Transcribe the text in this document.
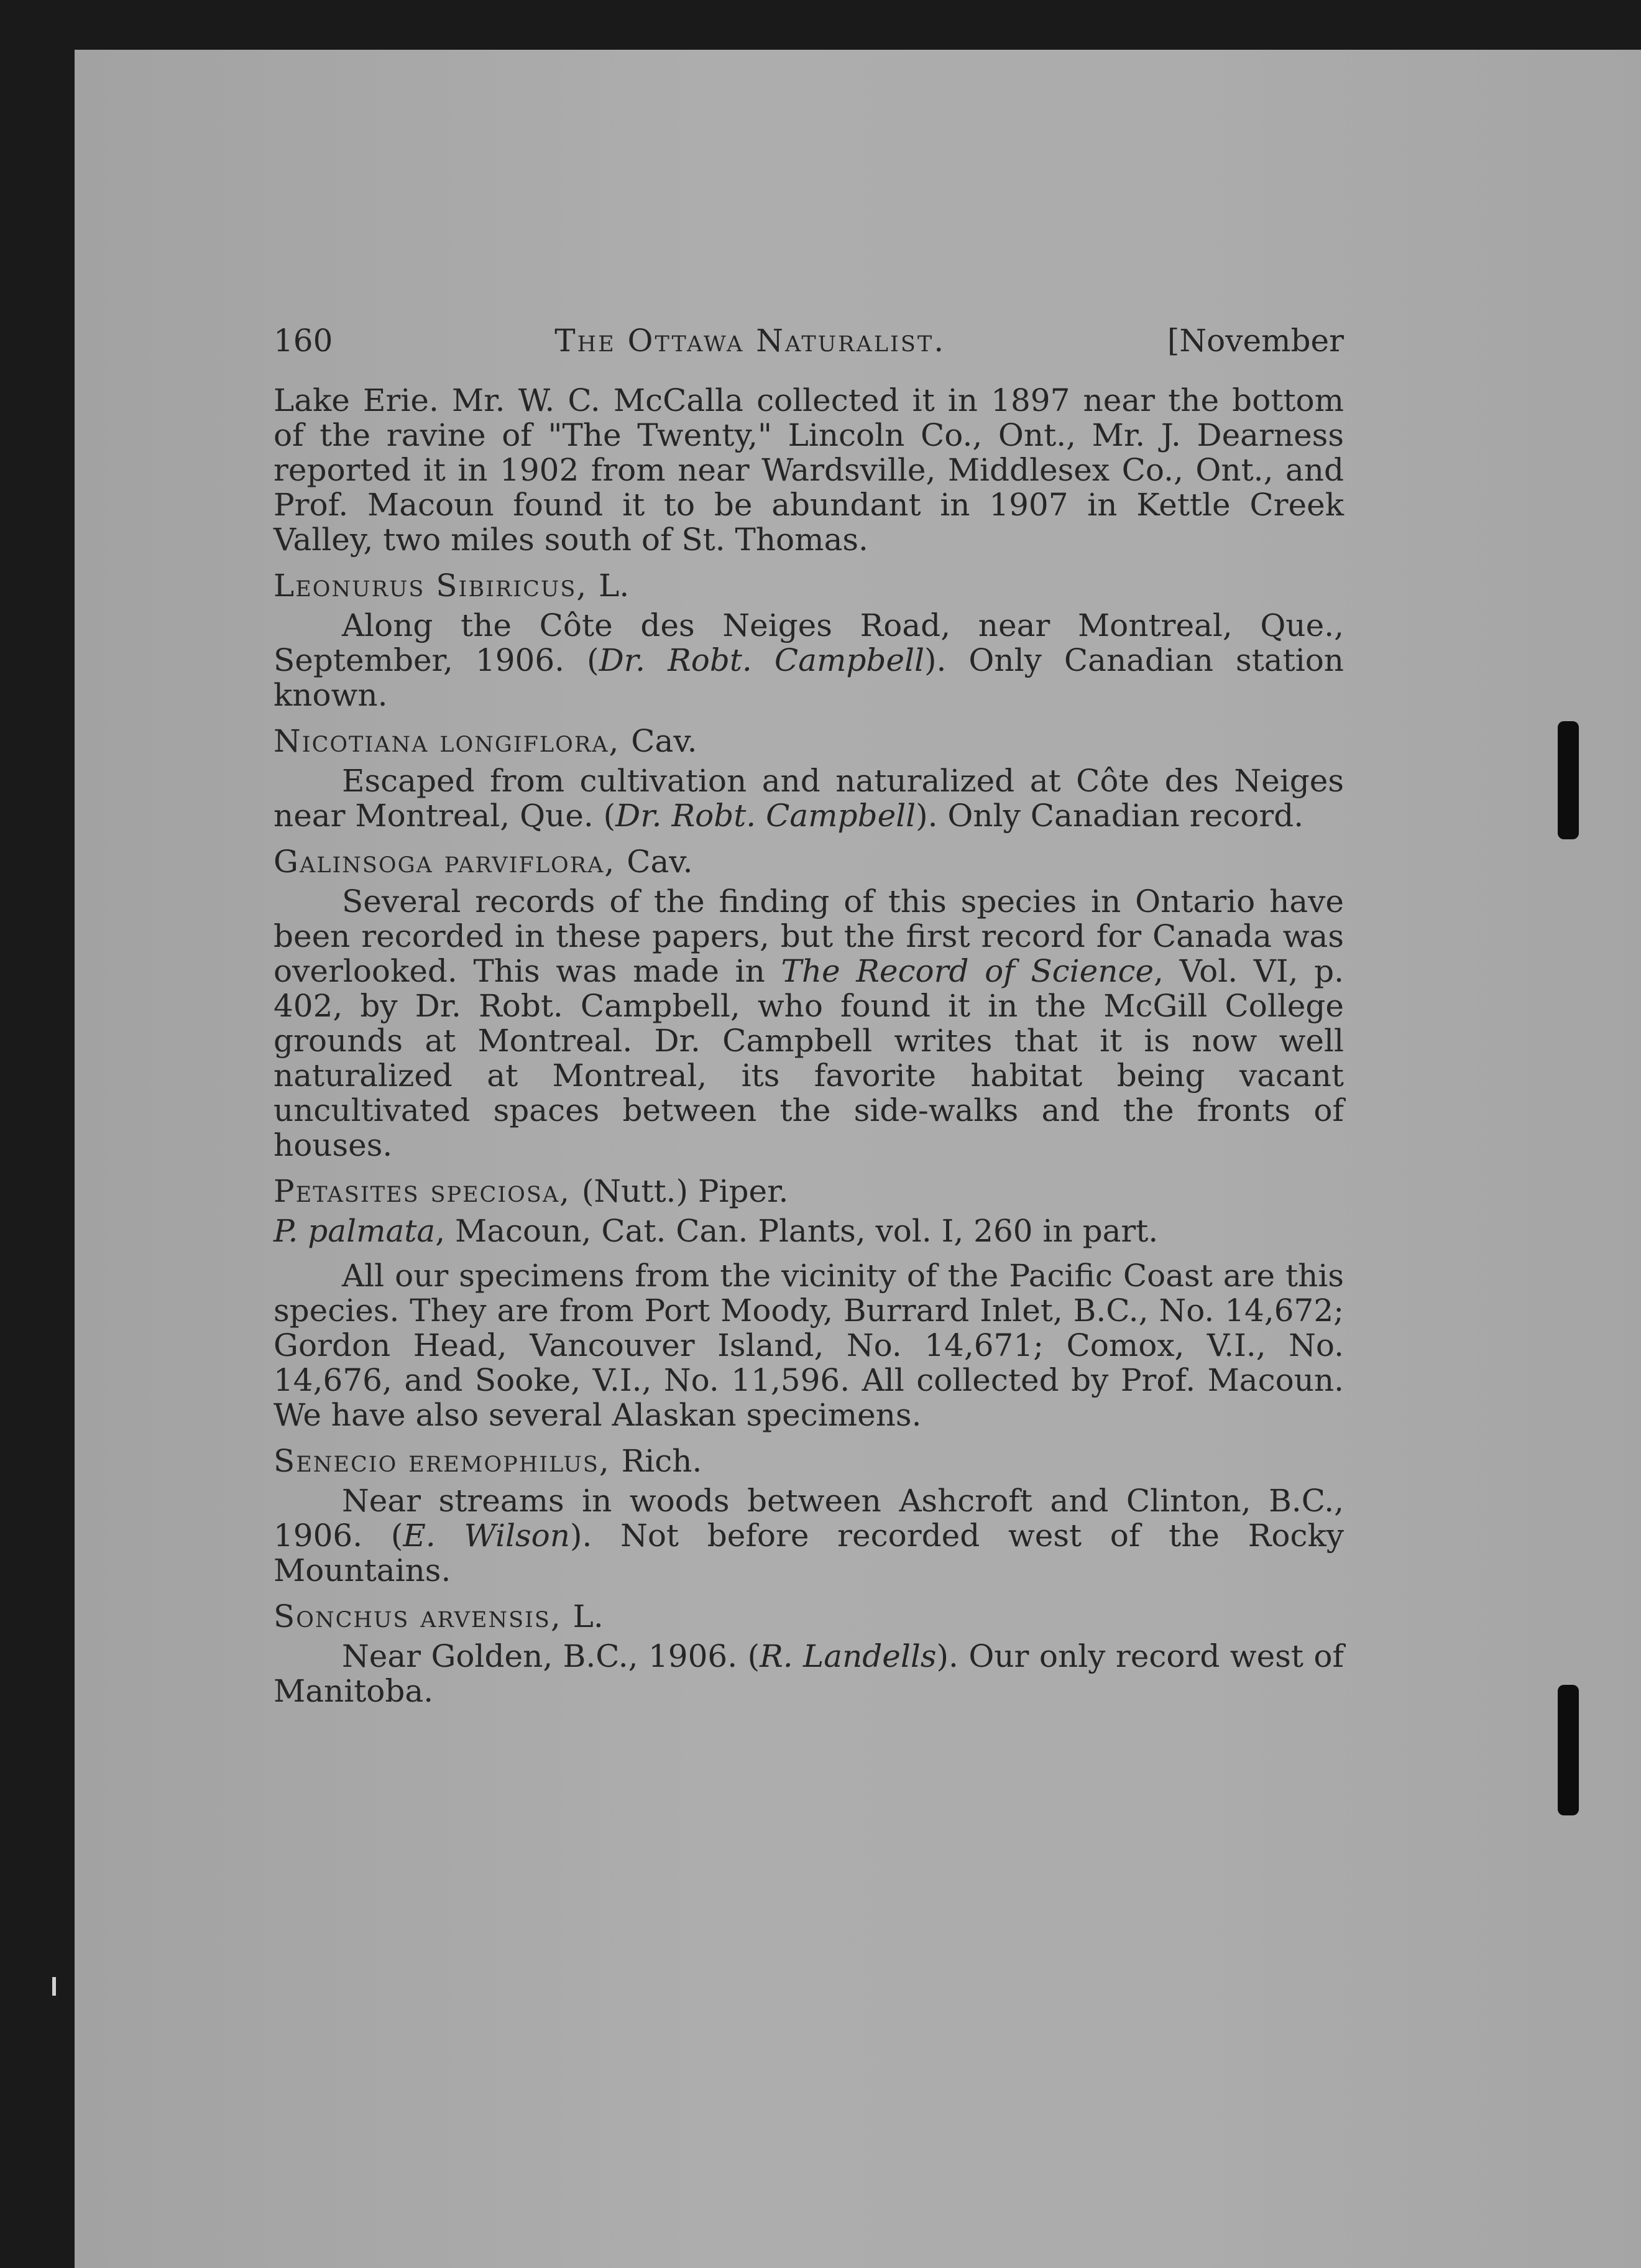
160	The Ottawa Naturalist.	[November

Lake Erie. Mr. W. C. McCalla collected it in 1897 near the bottom of the ravine of "The Twenty," Lincoln Co., Ont., Mr. J. Dearness reported it in 1902 from near Wardsville, Middlesex Co., Ont., and Prof. Macoun found it to be abundant in 1907 in Kettle Creek Valley, two miles south of St. Thomas.

Leonurus Sibiricus, L.

Along the Côte des Neiges Road, near Montreal, Que., September, 1906. (Dr. Robt. Campbell). Only Canadian station known.

Nicotiana longiflora, Cav.

Escaped from cultivation and naturalized at Côte des Neiges near Montreal, Que. (Dr. Robt. Campbell). Only Canadian record.

Galinsoga parviflora, Cav.

Several records of the finding of this species in Ontario have been recorded in these papers, but the first record for Canada was overlooked. This was made in The Record of Science, Vol. VI, p. 402, by Dr. Robt. Campbell, who found it in the McGill College grounds at Montreal. Dr. Campbell writes that it is now well naturalized at Montreal, its favorite habitat being vacant uncultivated spaces between the side-walks and the fronts of houses.

Petasites speciosa, (Nutt.) Piper.

P. palmata, Macoun, Cat. Can. Plants, vol. I, 260 in part.

All our specimens from the vicinity of the Pacific Coast are this species. They are from Port Moody, Burrard Inlet, B.C., No. 14,672; Gordon Head, Vancouver Island, No. 14,671; Comox, V.I., No. 14,676, and Sooke, V.I., No. 11,596. All collected by Prof. Macoun. We have also several Alaskan specimens.

Senecio eremophilus, Rich.

Near streams in woods between Ashcroft and Clinton, B.C., 1906. (E. Wilson). Not before recorded west of the Rocky Mountains.

Sonchus arvensis, L.

Near Golden, B.C., 1906. (R. Landells). Our only record west of Manitoba.
